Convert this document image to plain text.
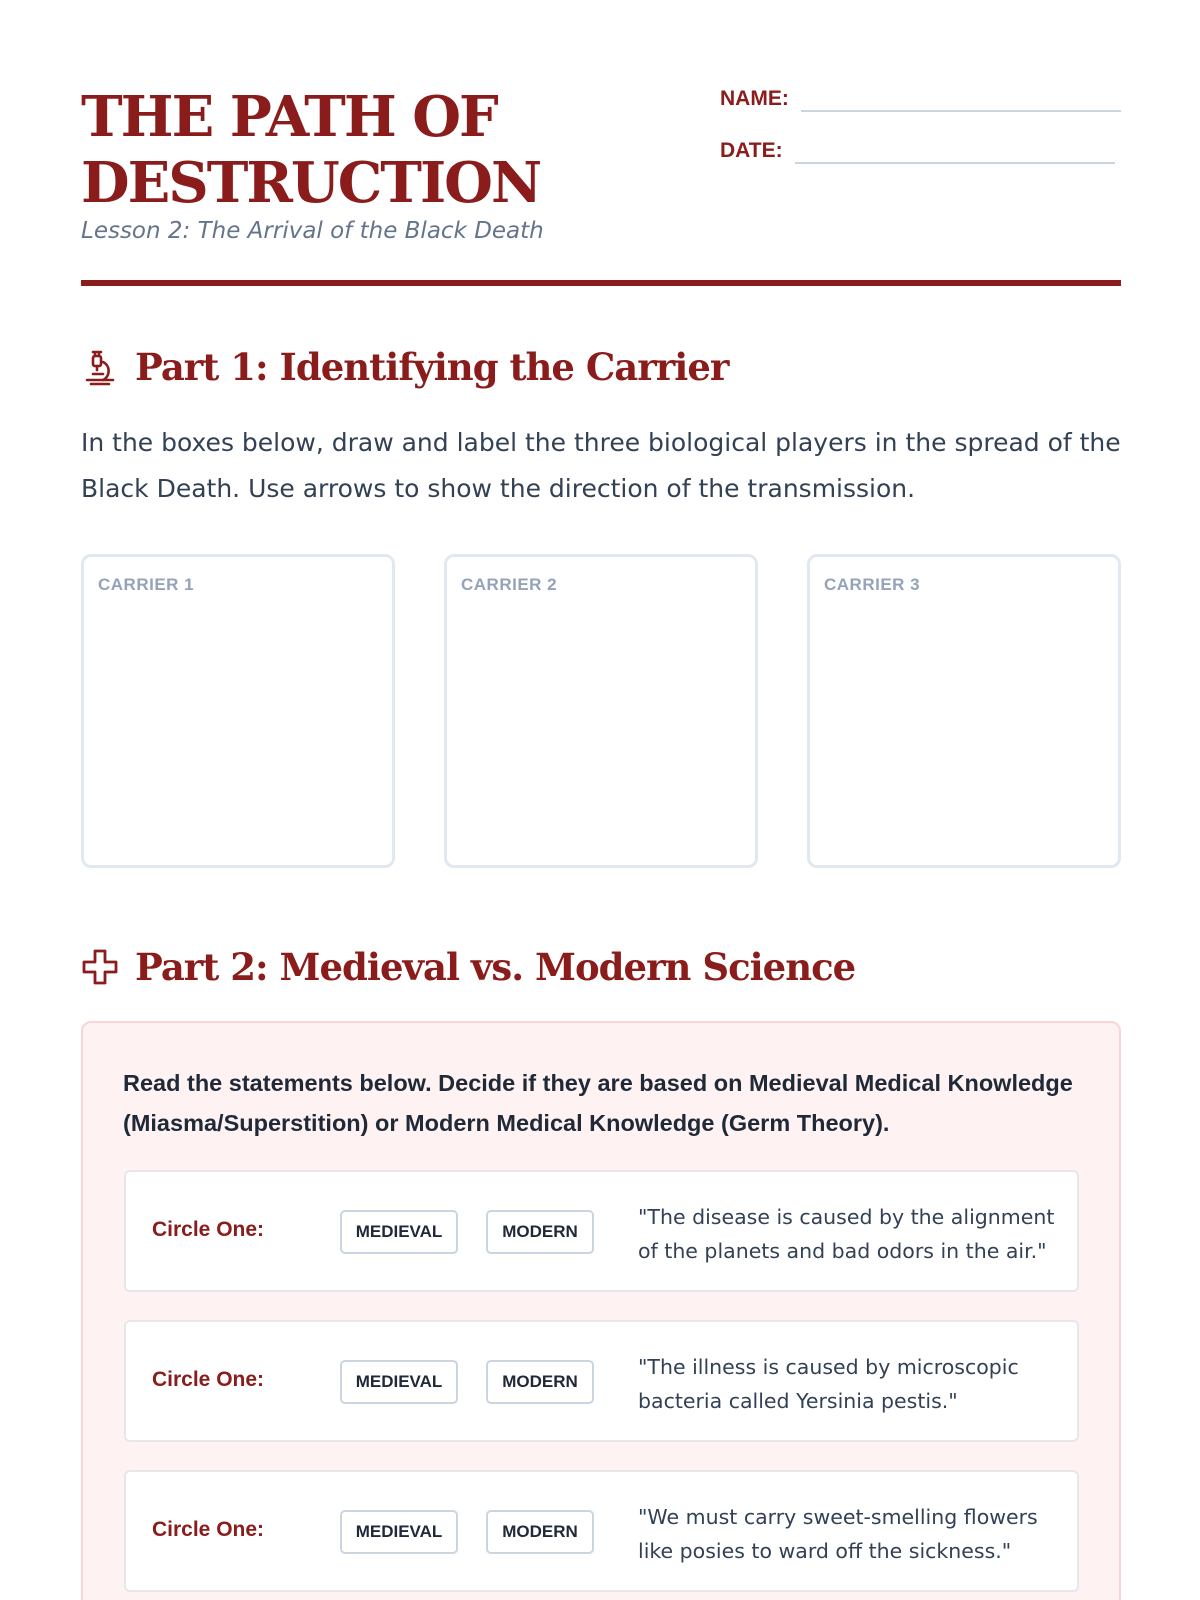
THE PATH OF
DESTRUCTION
Lesson 2: The Arrival of the Black Death
NAME:
DATE:
Part 1: Identifying the Carrier

In the boxes below, draw and label the three biological players in the spread of the Black Death. Use arrows to show the direction of the transmission.

CARRIER 1	CARRIER 2	CARRIER 3
Part 2: Medieval vs. Modern Science

Read the statements below. Decide if they are based on Medieval Medical Knowledge (Miasma/Superstition) or Modern Medical Knowledge (Germ Theory).

Circle One:	MEDIEVAL	MODERN

"The disease is caused by the alignment of the planets and bad odors in the air."

Circle One:	MEDIEVAL	MODERN

"The illness is caused by microscopic bacteria called Yersinia pestis."

Circle One:	MEDIEVAL	MODERN

"We must carry sweet-smelling flowers like posies to ward off the sickness."
